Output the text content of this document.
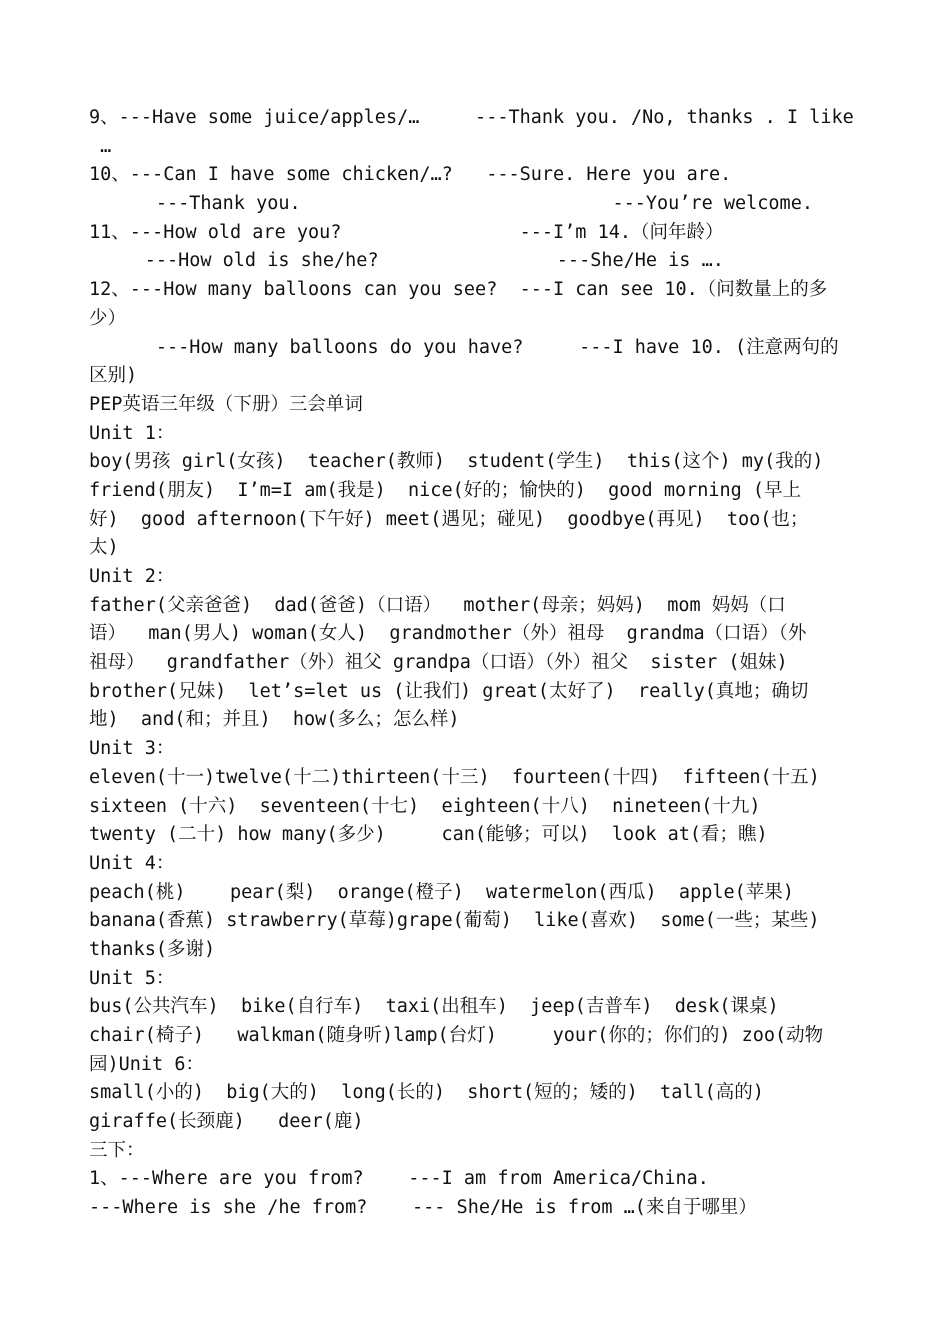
9、---Have some juice/apples/…     ---Thank you. /No, thanks . I like
…
10、---Can I have some chicken/…?   ---Sure. Here you are.
---Thank you.                            ---You’re welcome.
11、---How old are you?                ---I’m 14.（问年龄）
---How old is she/he?                ---She/He is ….
12、---How many balloons can you see?  ---I can see 10.（问数量上的多
少）
---How many balloons do you have?     ---I have 10. (注意两句的
区别)
PEP英语三年级（下册）三会单词
Unit 1：
boy(男孩 girl(女孩)  teacher(教师)  student(学生)  this(这个) my(我的)
friend(朋友)  I’m=I am(我是)  nice(好的；愉快的)  good morning (早上
好)  good afternoon(下午好) meet(遇见；碰见)  goodbye(再见)  too(也；
太)
Unit 2：
father(父亲爸爸)  dad(爸爸)（口语）  mother(母亲；妈妈)  mom 妈妈（口
语）  man(男人) woman(女人)  grandmother（外）祖母  grandma（口语）（外
祖母）  grandfather（外）祖父 grandpa（口语）（外）祖父  sister (姐妹)
brother(兄妹)  let’s=let us (让我们) great(太好了)  really(真地；确切
地)  and(和；并且)  how(多么；怎么样)
Unit 3：
eleven(十一)twelve(十二)thirteen(十三)  fourteen(十四)  fifteen(十五)
sixteen (十六)  seventeen(十七)  eighteen(十八)  nineteen(十九)
twenty (二十) how many(多少)     can(能够；可以)  look at(看；瞧)
Unit 4：
peach(桃)    pear(梨)  orange(橙子)  watermelon(西瓜)  apple(苹果)
banana(香蕉) strawberry(草莓)grape(葡萄)  like(喜欢)  some(一些；某些)
thanks(多谢)
Unit 5：
bus(公共汽车)  bike(自行车)  taxi(出租车)  jeep(吉普车)  desk(课桌)
chair(椅子)   walkman(随身听)lamp(台灯)     your(你的；你们的) zoo(动物
园)Unit 6：
small(小的)  big(大的)  long(长的)  short(短的；矮的)  tall(高的)
giraffe(长颈鹿)   deer(鹿)
三下：
1、---Where are you from?    ---I am from America/China.
---Where is she /he from?    --- She/He is from …(来自于哪里）
